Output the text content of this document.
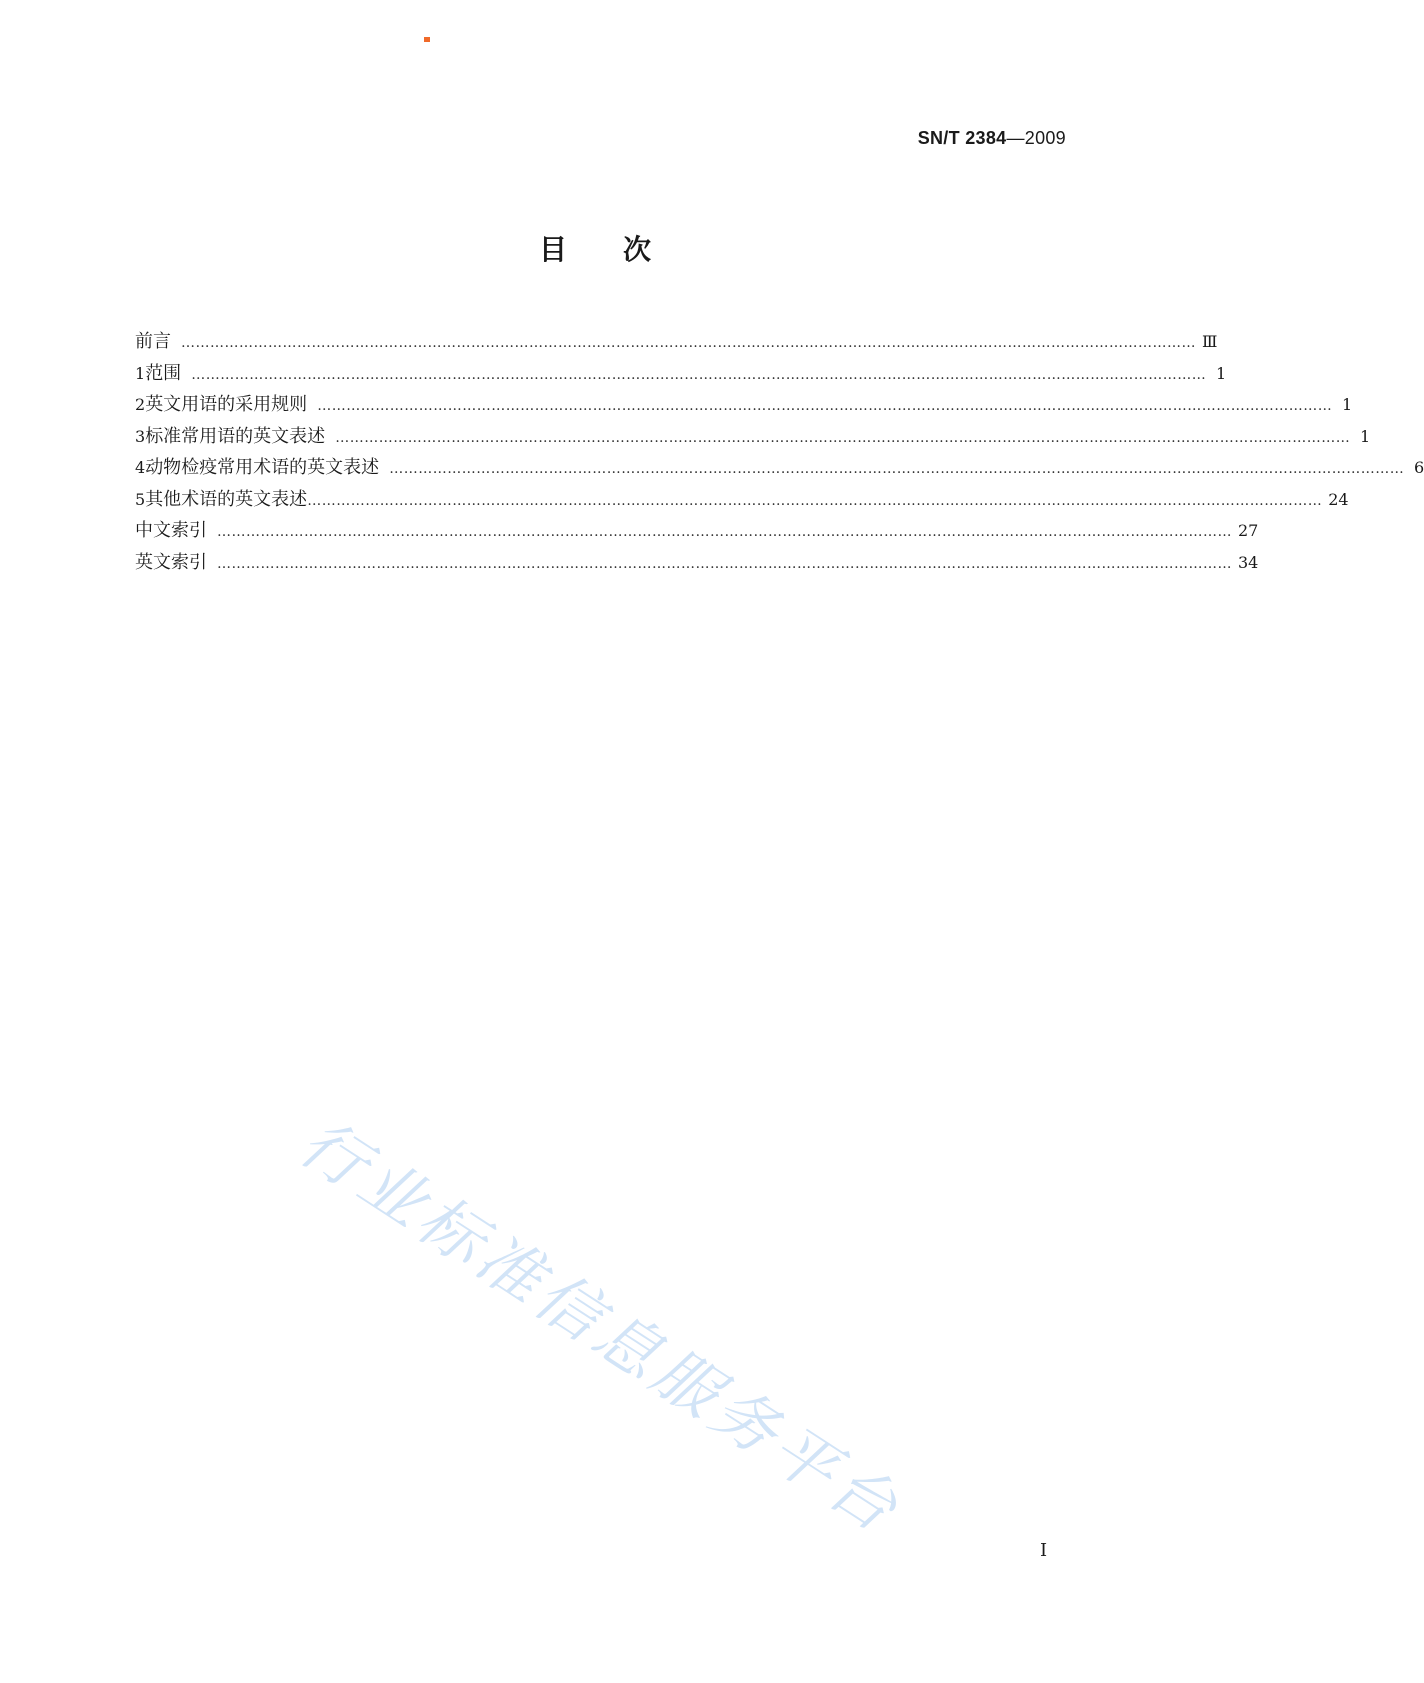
SN/T 2384—2009
目次
前言 ………………………………………………………………………………………………………………………………………………………………………………………… Ⅲ
1 范围 ………………………………………………………………………………………………………………………………………………………………………………………… 1
2 英文用语的采用规则 ………………………………………………………………………………………………………………………………………………………………………………………… 1
3 标准常用语的英文表述 ………………………………………………………………………………………………………………………………………………………………………………………… 1
4 动物检疫常用术语的英文表述 ………………………………………………………………………………………………………………………………………………………………………………………… 6
5 其他术语的英文表述 ………………………………………………………………………………………………………………………………………………………………………………………… 24
中文索引 ………………………………………………………………………………………………………………………………………………………………………………………… 27
英文索引 ………………………………………………………………………………………………………………………………………………………………………………………… 34
行业标准信息服务平台
I
